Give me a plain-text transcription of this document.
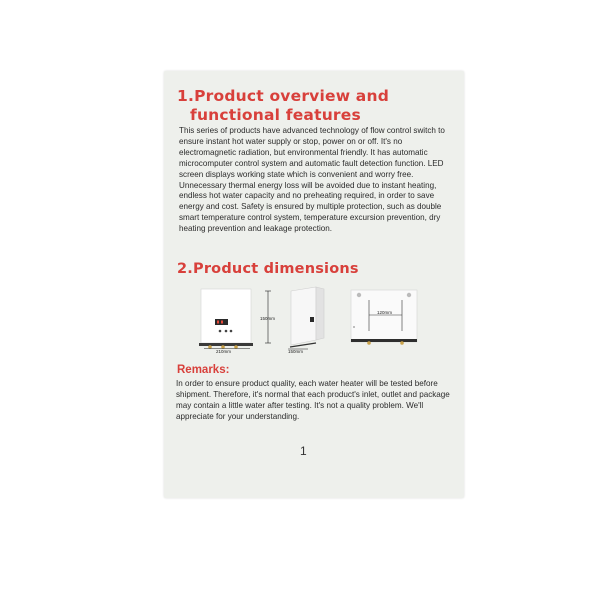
1.Product overview and
functional features
This series of products have advanced technology of flow control switch to ensure instant hot water supply or stop, power on or off. It's no electromagnetic radiation, but environmental friendly. It has automatic microcomputer control system and automatic fault detection function. LED screen displays working state which is convenient and worry free. Unnecessary thermal energy loss will be avoided due to instant heating, endless hot water capacity and no preheating required, in order to save energy and cost. Safety is ensured by multiple protection, such as double smart temperature control system, temperature excursion prevention, dry heating prevention and leakage protection.
2.Product dimensions
210mm
150mm
150mm
120mm
Remarks:
In order to ensure product quality, each water heater will be tested before shipment. Therefore, it's normal that each product's inlet, outlet and package may contain a little water after testing. It's not a quality problem. We'll appreciate for your understanding.
1
